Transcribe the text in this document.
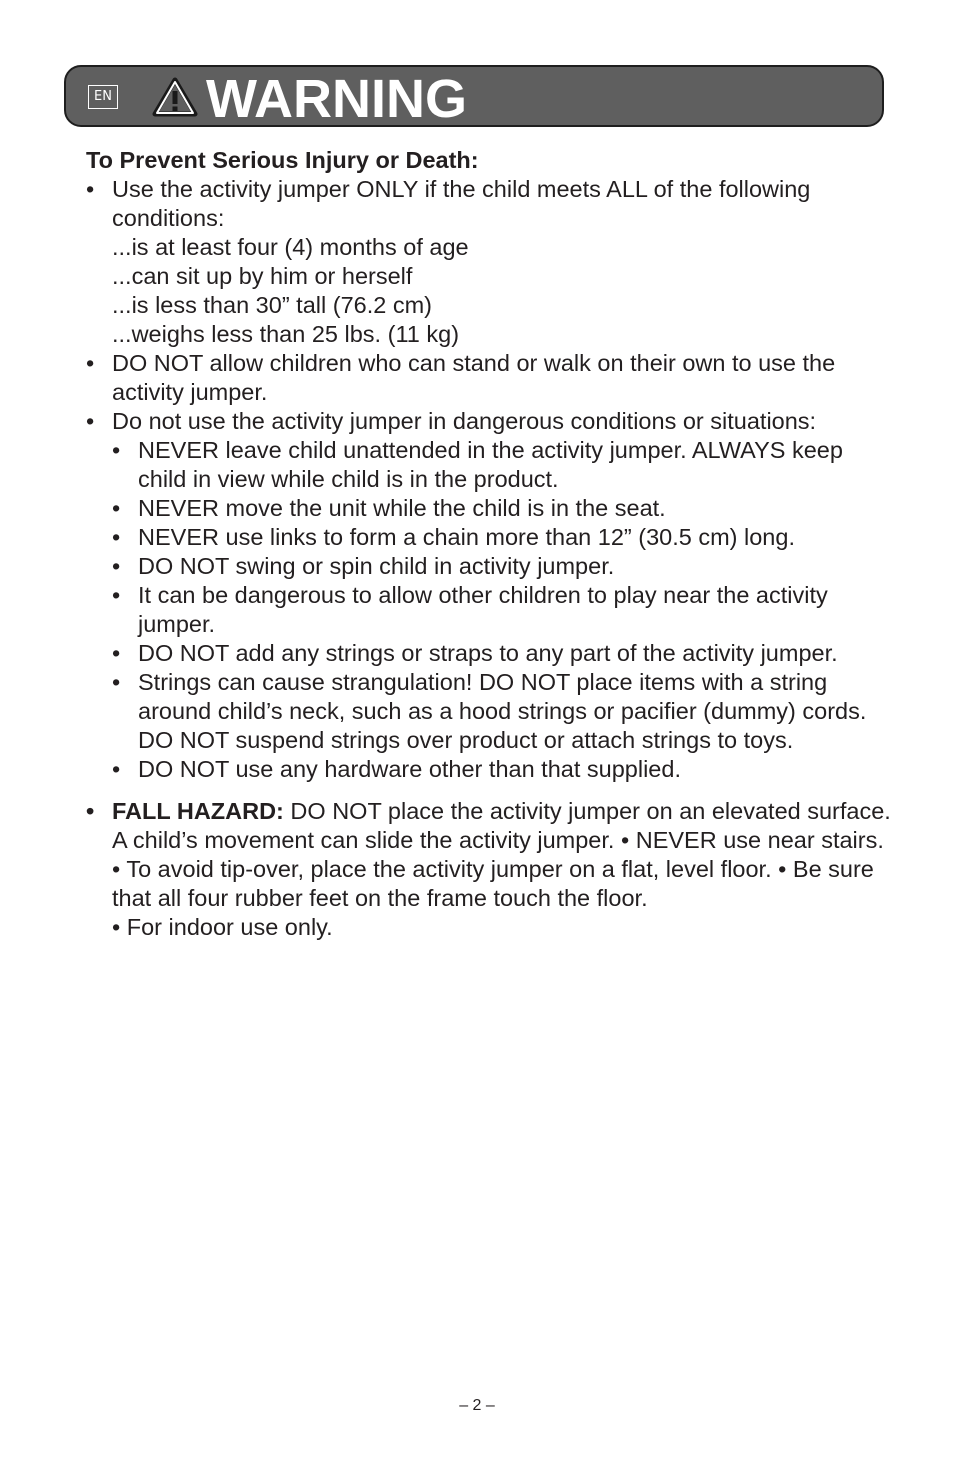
EN WARNING
To Prevent Serious Injury or Death:
• Use the activity jumper ONLY if the child meets ALL of the following conditions:
...is at least four (4) months of age
...can sit up by him or herself
...is less than 30” tall (76.2 cm)
...weighs less than 25 lbs. (11 kg)
• DO NOT allow children who can stand or walk on their own to use the activity jumper.
• Do not use the activity jumper in dangerous conditions or situations:
• NEVER leave child unattended in the activity jumper. ALWAYS keep child in view while child is in the product.
• NEVER move the unit while the child is in the seat.
• NEVER use links to form a chain more than 12” (30.5 cm) long.
• DO NOT swing or spin child in activity jumper.
• It can be dangerous to allow other children to play near the activity jumper.
• DO NOT add any strings or straps to any part of the activity jumper.
• Strings can cause strangulation! DO NOT place items with a string around child’s neck, such as a hood strings or pacifier (dummy) cords. DO NOT suspend strings over product or attach strings to toys.
• DO NOT use any hardware other than that supplied.
• FALL HAZARD: DO NOT place the activity jumper on an elevated surface. A child’s movement can slide the activity jumper. • NEVER use near stairs. • To avoid tip-over, place the activity jumper on a flat, level floor. • Be sure that all four rubber feet on the frame touch the floor.
• For indoor use only.
– 2 –
